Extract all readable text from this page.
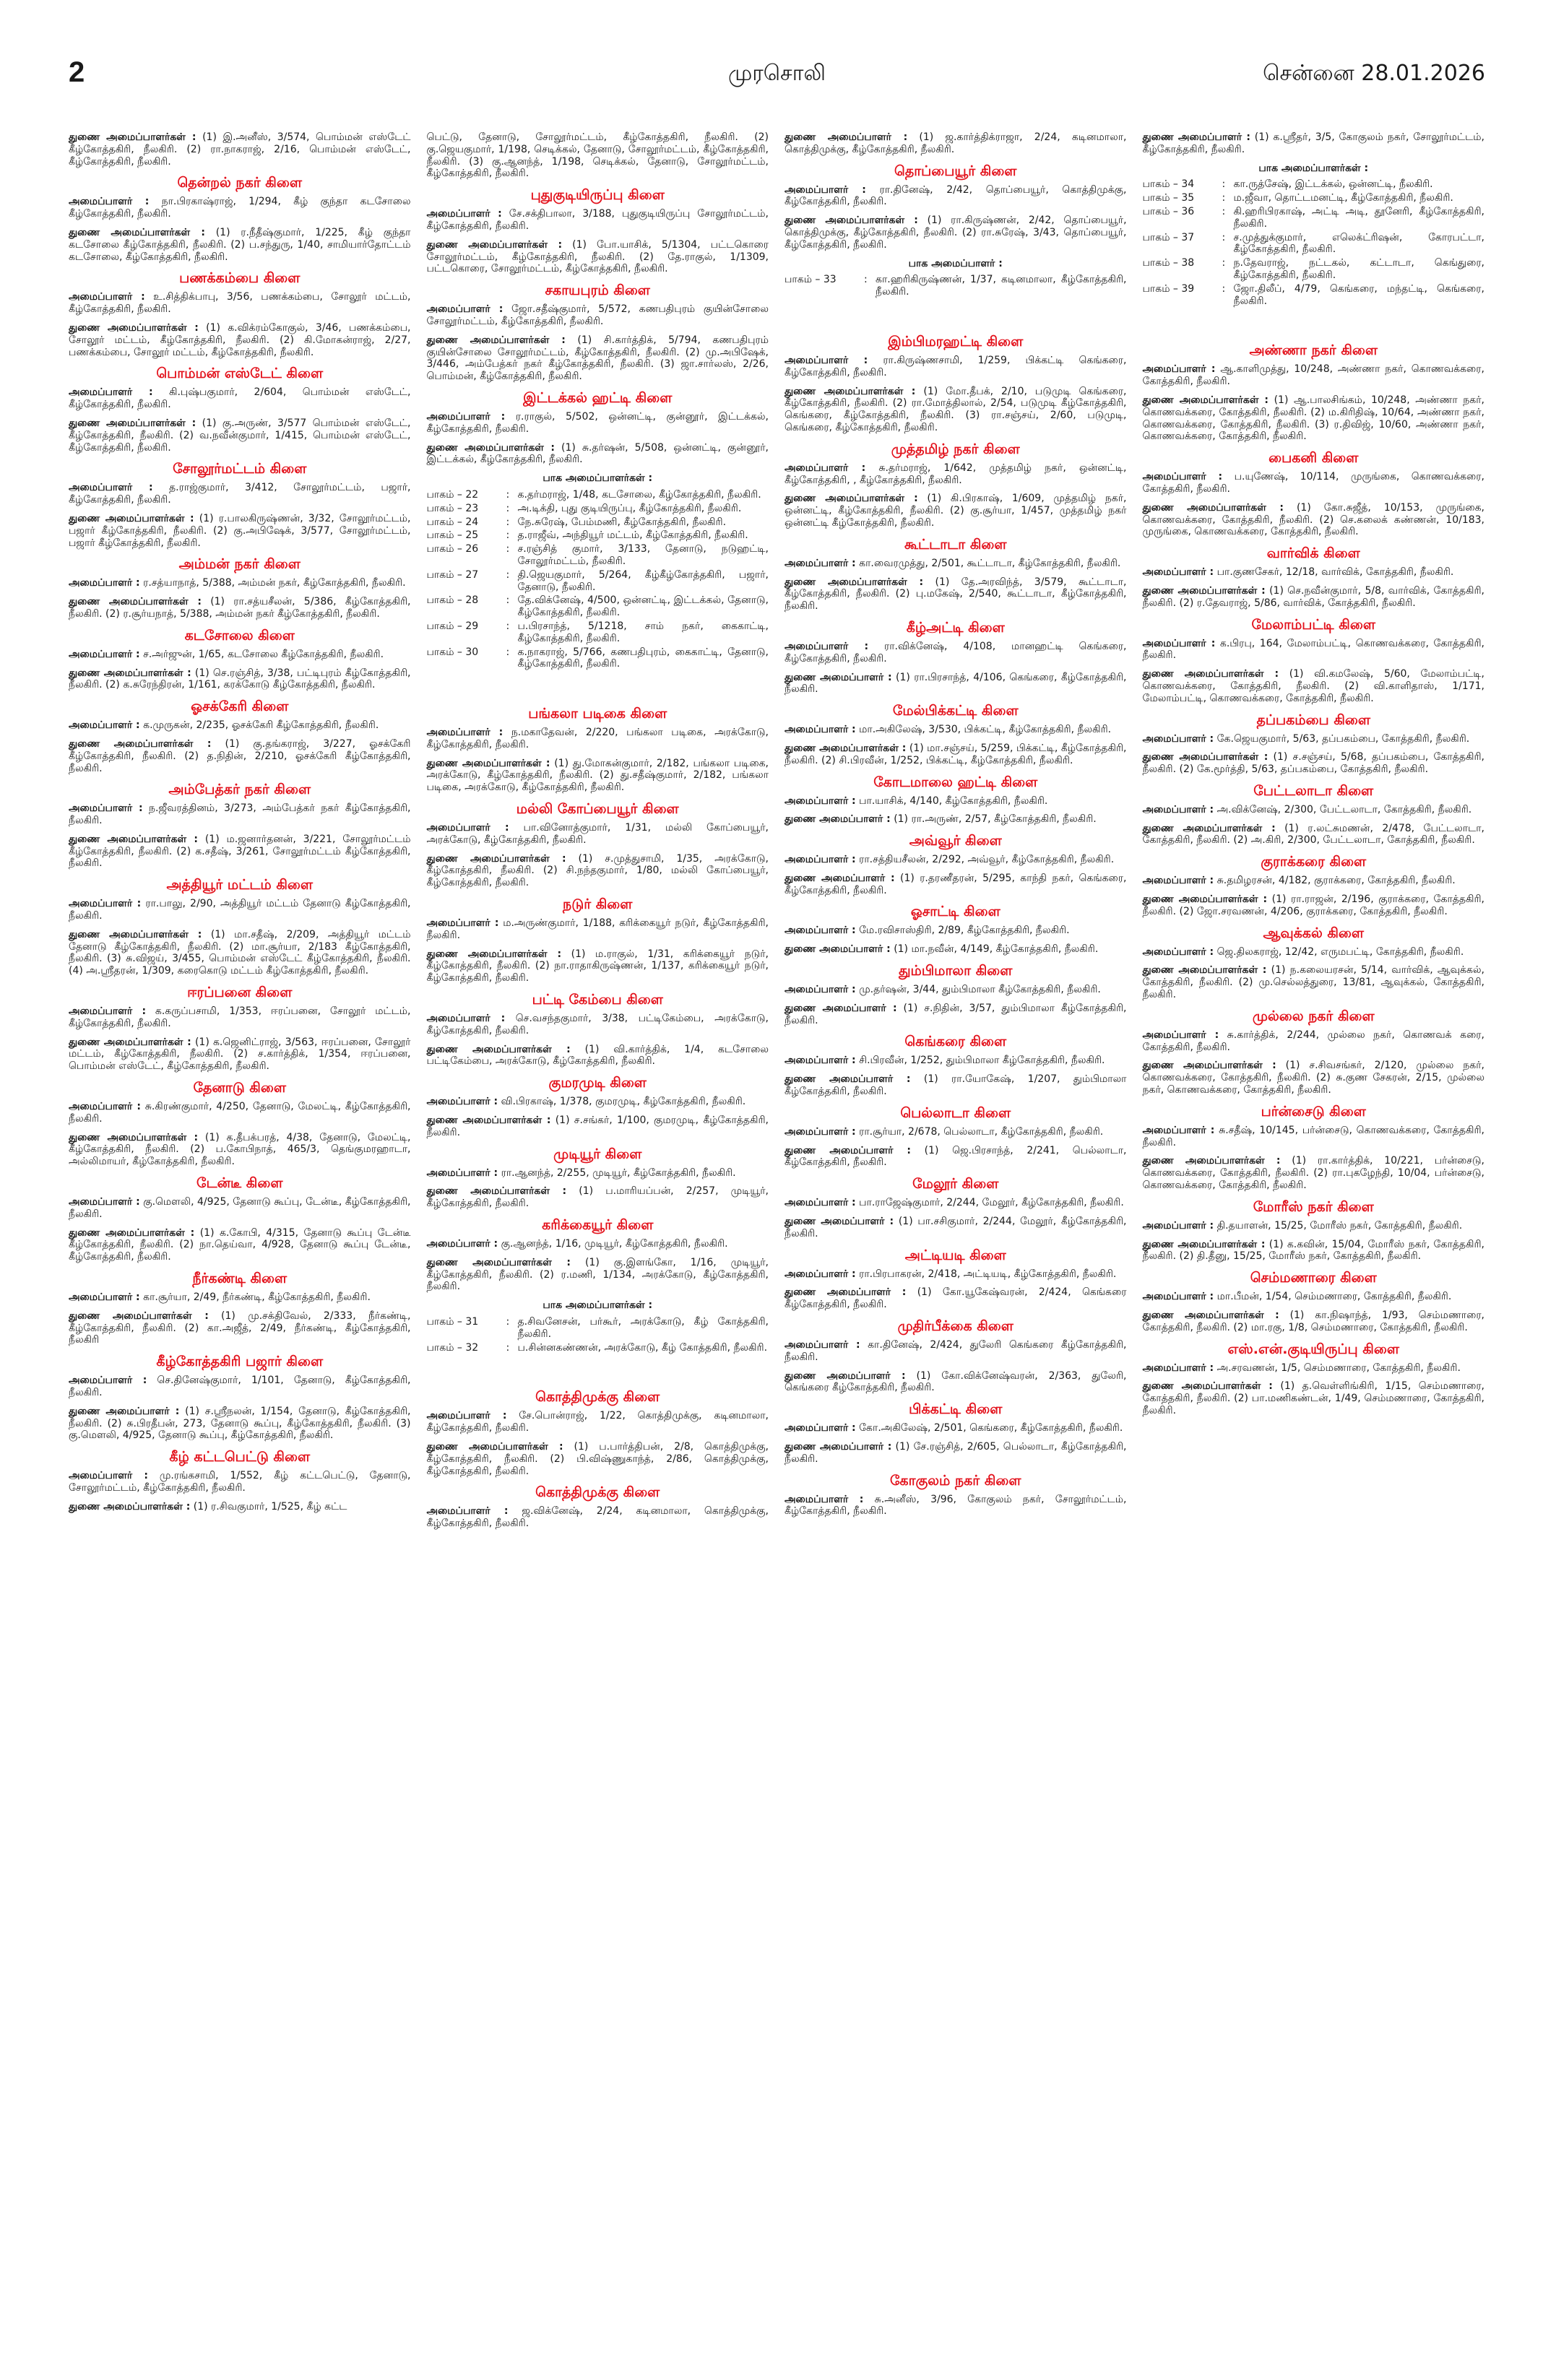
2	முரசொலி	சென்னை 28.01.2026

துணை அமைப்பாளர்கள் : (1) இ.அனீஸ், 3/574, பொம்மன் எஸ்டேட் கீழ்கோத்தகிரி, நீலகிரி. (2) ரா.நாகராஜ், 2/16, பொம்மன் எஸ்டேட், கீழ்கோத்தகிரி, நீலகிரி.

தென்றல் நகர் கிளை

அமைப்பாளர் : நா.பிரகாஷ்ராஜ், 1/294, கீழ் குந்தா கடசோலை கீழ்கோத்தகிரி, நீலகிரி.

துணை அமைப்பாளர்கள் : (1) ர.நீதீஷ்குமார், 1/225, கீழ் குந்தா கடசோலை கீழ்கோத்தகிரி, நீலகிரி. (2) ப.சந்துரு, 1/40, சாமியார்தோட்டம் கடசோலை, கீழ்கோத்தகிரி, நீலகிரி.

பணக்கம்பை கிளை

அமைப்பாளர் : உ.சித்திக்பாபு, 3/56, பணக்கம்பை, சோலூர் மட்டம், கீழ்கோத்தகிரி, நீலகிரி.

துணை அமைப்பாளர்கள் : (1) க.விக்ரம்கோகுல், 3/46, பணக்கம்பை, சோலூர் மட்டம், கீழ்கோத்தகிரி, நீலகிரி. (2) கி.மோகன்ராஜ், 2/27, பணக்கம்பை, சோலூர் மட்டம், கீழ்கோத்தகிரி, நீலகிரி.

பொம்மன் எஸ்டேட் கிளை

அமைப்பாளர் : கி.புஷ்பகுமார், 2/604, பொம்மன் எஸ்டேட், கீழ்கோத்தகிரி, நீலகிரி.

துணை அமைப்பாளர்கள் : (1) கு.அருண், 3/577 பொம்மன் எஸ்டேட், கீழ்கோத்தகிரி, நீலகிரி. (2) வ.நவீன்குமார், 1/415, பொம்மன் எஸ்டேட், கீழ்கோத்தகிரி, நீலகிரி.

சோலூர்மட்டம் கிளை

அமைப்பாளர் : த.ராஜ்குமார், 3/412, சோலூர்மட்டம், பஜார், கீழ்கோத்தகிரி, நீலகிரி.

துணை அமைப்பாளர்கள் : (1) ர.பாலகிருஷ்ணன், 3/32, சோலூர்மட்டம், பஜார் கீழ்கோத்தகிரி, நீலகிரி. (2) கு.அபிஷேக், 3/577, சோலூர்மட்டம், பஜார் கீழ்கோத்தகிரி, நீலகிரி.

அம்மன் நகர் கிளை

அமைப்பாளர் : ர.சத்யாநாத், 5/388, அம்மன் நகர், கீழ்கோத்தகிரி, நீலகிரி.

துணை அமைப்பாளர்கள் : (1) ரா.சத்யசீலன், 5/386, கீழ்கோத்தகிரி, நீலகிரி. (2) ர.சூர்யநாத், 5/388, அம்மன் நகர் கீழ்கோத்தகிரி, நீலகிரி.

கடசோலை கிளை

அமைப்பாளர் : ச.அர்ஜுன், 1/65, கடசோலை கீழ்கோத்தகிரி, நீலகிரி.

துணை அமைப்பாளர்கள் : (1) செ.ரஞ்சித், 3/38, பட்டிபுரம் கீழ்கோத்தகிரி, நீலகிரி. (2) க.சுரேந்திரன், 1/161, கரக்கோடு கீழ்கோத்தகிரி, நீலகிரி.

ஓசக்கேரி கிளை

அமைப்பாளர் : க.முருகன், 2/235, ஓசக்கேரி கீழ்கோத்தகிரி, நீலகிரி.

துணை அமைப்பாளர்கள் : (1) கு.தங்கராஜ், 3/227, ஓசக்கேரி கீழ்கோத்தகிரி, நீலகிரி. (2) த.நிதின், 2/210, ஓசக்கேரி கீழ்கோத்தகிரி, நீலகிரி.

அம்பேத்கர் நகர் கிளை

அமைப்பாளர் : ந.ஜீவரத்தினம், 3/273, அம்பேத்கர் நகர் கீழ்கோத்தகிரி, நீலகிரி.

துணை அமைப்பாளர்கள் : (1) ம.ஜனார்தனன், 3/221, சோலூர்மட்டம் கீழ்கோத்தகிரி, நீலகிரி. (2) க.சதீஷ், 3/261, சோலூர்மட்டம் கீழ்கோத்தகிரி, நீலகிரி.

அத்தியூர் மட்டம் கிளை

அமைப்பாளர் : ரா.பாலு, 2/90, அத்தியூர் மட்டம் தேனாடு கீழ்கோத்தகிரி, நீலகிரி.

துணை அமைப்பாளர்கள் : (1) மா.சதீஷ், 2/209, அத்தியூர் மட்டம் தேனாடு கீழ்கோத்தகிரி, நீலகிரி. (2) மா.சூர்யா, 2/183 கீழ்கோத்தகிரி, நீலகிரி. (3) சு.விஜய், 3/455, பொம்மன் எஸ்டேட் கீழ்கோத்தகிரி, நீலகிரி. (4) அ.ஸ்ரீதரன், 1/309, கரைகொடு மட்டம் கீழ்கோத்தகிரி, நீலகிரி.

ஈரப்பனை கிளை

அமைப்பாளர் : க.கருப்பசாமி, 1/353, ஈரப்பனை, சோலூர் மட்டம், கீழ்கோத்தகிரி, நீலகிரி.

துணை அமைப்பாளர்கள் : (1) க.ஜெனிட்ராஜ், 3/563, ஈரப்பனை, சோலூர் மட்டம், கீழ்கோத்தகிரி, நீலகிரி. (2) ச.கார்த்திக், 1/354, ஈரப்பனை, பொம்மன் எஸ்டேட், கீழ்கோத்தகிரி, நீலகிரி.

தேனாடு கிளை

அமைப்பாளர் : சு.கிரண்குமார், 4/250, தேனாடு, மேலட்டி, கீழ்கோத்தகிரி, நீலகிரி.

துணை அமைப்பாளர்கள் : (1) க.தீபக்பரத், 4/38, தேனாடு, மேலட்டி, கீழ்கோத்தகிரி, நீலகிரி. (2) ப.கோபிநாத், 465/3, தெங்குமரஹாடா, அல்லிமாயர், கீழ்கோத்தகிரி, நீலகிரி.

டேன்டீ கிளை

அமைப்பாளர் : கு.மௌலி, 4/925, தேனாடு கூப்பு, டேன்டீ, கீழ்கோத்தகிரி, நீலகிரி.

துணை அமைப்பாளர்கள் : (1) க.கோபி, 4/315, தேனாடு கூப்பு டேன்டீ கீழ்கோத்தகிரி, நீலகிரி. (2) நா.தெய்வா, 4/928, தேனாடு கூப்பு டேன்டீ, கீழ்கோத்தகிரி, நீலகிரி.

நீர்கண்டி கிளை

அமைப்பாளர் : கா.சூர்யா, 2/49, நீர்கண்டி, கீழ்கோத்தகிரி, நீலகிரி.

துணை அமைப்பாளர்கள் : (1) மு.சக்திவேல், 2/333, நீர்கண்டி, கீழ்கோத்தகிரி, நீலகிரி. (2) கா.அஜீத், 2/49, நீர்கண்டி, கீழ்கோத்தகிரி, நீலகிரி

கீழ்கோத்தகிரி பஜார் கிளை

அமைப்பாளர் : செ.தினேஷ்குமார், 1/101, தேனாடு, கீழ்கோத்தகிரி, நீலகிரி.

துணை அமைப்பாளர் : (1) ச.ஸ்ரீநலன், 1/154, தேனாடு, கீழ்கோத்தகிரி, நீலகிரி. (2) சு.பிரதீபன், 273, தேனாடு கூப்பு, கீழ்கோத்தகிரி, நீலகிரி. (3) கு.மௌலி, 4/925, தேனாடு கூப்பு, கீழ்கோத்தகிரி, நீலகிரி.

கீழ் கட்டபெட்டு கிளை

அமைப்பாளர் : மு.ரங்கசாமி, 1/552, கீழ் கட்டபெட்டு, தேனாடு, சோலூர்மட்டம், கீழ்கோத்தகிரி, நீலகிரி.

துணை அமைப்பாளர்கள் : (1) ர.சிவகுமார், 1/525, கீழ் கட்ட

பெட்டு, தேனாடு, சோலூர்மட்டம், கீழ்கோத்தகிரி, நீலகிரி. (2) கு.ஜெயகுமார், 1/198, செடிக்கல், தேனாடு, சோலூர்மட்டம், கீழ்கோத்தகிரி, நீலகிரி. (3) கு.ஆனந்த், 1/198, செடிக்கல், தேனாடு, சோலூர்மட்டம், கீழ்கோத்தகிரி, நீலகிரி.

புதுகுடியிருப்பு கிளை

அமைப்பாளர் : சே.சக்திபாலா, 3/188, புதுகுடியிருப்பு சோலூர்மட்டம், கீழ்கோத்தகிரி, நீலகிரி.

துணை அமைப்பாளர்கள் : (1) போ.யாசிக், 5/1304, பட்டகொரை சோலூர்மட்டம், கீழ்கோத்தகிரி, நீலகிரி. (2) தே.ராகுல், 1/1309, பட்டகொரை, சோலூர்மட்டம், கீழ்கோத்தகிரி, நீலகிரி.

சகாயபுரம் கிளை

அமைப்பாளர் : ஜோ.சதீஷ்குமார், 5/572, கணபதிபுரம் குயின்சோலை சோலூர்மட்டம், கீழ்கோத்தகிரி, நீலகிரி.

துணை அமைப்பாளர்கள் : (1) சி.கார்த்திக், 5/794, கணபதிபுரம் குயின்சோலை சோலூர்மட்டம், கீழ்கோத்தகிரி, நீலகிரி. (2) மு.அபிஷேக், 3/446, அம்பேத்கர் நகர் கீழ்கோத்தகிரி, நீலகிரி. (3) ஜா.சார்லஸ், 2/26, பொம்மன், கீழ்கோத்தகிரி, நீலகிரி.

இட்டக்கல் ஹட்டி கிளை

அமைப்பாளர் : ர.ராகுல், 5/502, ஒன்னட்டி, குன்னூர், இட்டக்கல், கீழ்கோத்தகிரி, நீலகிரி.

துணை அமைப்பாளர்கள் : (1) சு.தர்ஷன், 5/508, ஒன்னட்டி, குன்னூர், இட்டக்கல், கீழ்கோத்தகிரி, நீலகிரி.

பாக அமைப்பாளர்கள் :
பாகம் – 22	: க.தர்மராஜ், 1/48, கடசோலை, கீழ்கோத்தகிரி, நீலகிரி.
பாகம் – 23	: அ.டிக்தி, புது குடியிருப்பு, கீழ்கோத்தகிரி, நீலகிரி.
பாகம் – 24	: நே.சுரேஷ், பேம்மணி, கீழ்கோத்தகிரி, நீலகிரி.
பாகம் – 25	: த.ராஜீவ், அந்தியூர் மட்டம், கீழ்கோத்தகிரி, நீலகிரி.
பாகம் – 26	: ச.ரஞ்சித் குமார், 3/133, தேனாடு, நடுஹட்டி, சோலூர்மட்டம், நீலகிரி.
பாகம் – 27	: தி.ஜெயகுமார், 5/264, கீழ்கீழ்கோத்தகிரி, பஜார், தேனாடு, நீலகிரி.
பாகம் – 28	: தே.விக்னேஷ், 4/500, ஒன்னட்டி, இட்டக்கல், தேனாடு, கீழ்கோத்தகிரி, நீலகிரி.
பாகம் – 29	: ப.பிரசாந்த், 5/1218, சாம் நகர், கைகாட்டி, கீழ்கோத்தகிரி, நீலகிரி.
பாகம் – 30	: க.நாகராஜ், 5/766, கணபதிபுரம், கைகாட்டி, தேனாடு, கீழ்கோத்தகிரி, நீலகிரி.
பங்கலா படிகை கிளை

அமைப்பாளர் : ந.மகாதேவன், 2/220, பங்கலா படிகை, அரக்கோடு, கீழ்கோத்தகிரி, நீலகிரி.

துணை அமைப்பாளர்கள் : (1) து.மோகன்குமார், 2/182, பங்கலா படிகை, அரக்கோடு, கீழ்கோத்தகிரி, நீலகிரி. (2) து.சதீஷ்குமார், 2/182, பங்கலா படிகை, அரக்கோடு, கீழ்கோத்தகிரி, நீலகிரி.

மல்லி கோப்பையூர் கிளை

அமைப்பாளர் : பா.வினோத்குமார், 1/31, மல்லி கோப்பையூர், அரக்கோடு, கீழ்கோத்தகிரி, நீலகிரி.

துணை அமைப்பாளர்கள் : (1) ச.முத்துசாமி, 1/35, அரக்கோடு, கீழ்கோத்தகிரி, நீலகிரி. (2) சி.நந்தகுமார், 1/80, மல்லி கோப்பையூர், கீழ்கோத்தகிரி, நீலகிரி.

நடுர் கிளை

அமைப்பாளர் : ம.அருண்குமார், 1/188, கரிக்கையூர் நடுர், கீழ்கோத்தகிரி, நீலகிரி.

துணை அமைப்பாளர்கள் : (1) ம.ராகுல், 1/31, கரிக்கையூர் நடுர், கீழ்கோத்தகிரி, நீலகிரி. (2) நா.ராதாகிருஷ்ணன், 1/137, கரிக்கையூர் நடுர், கீழ்கோத்தகிரி, நீலகிரி.

பட்டி கேம்பை கிளை

அமைப்பாளர் : செ.வசந்தகுமார், 3/38, பட்டிகேம்பை, அரக்கோடு, கீழ்கோத்தகிரி, நீலகிரி.

துணை அமைப்பாளர்கள் : (1) வி.கார்த்திக், 1/4, கடசோலை பட்டிகேம்பை, அரக்கோடு, கீழ்கோத்தகிரி, நீலகிரி.

குமரமுடி கிளை

அமைப்பாளர் : வி.பிரகாஷ், 1/378, குமரமுடி, கீழ்கோத்தகிரி, நீலகிரி.

துணை அமைப்பாளர்கள் : (1) ச.சங்கர், 1/100, குமரமுடி, கீழ்கோத்தகிரி, நீலகிரி.

முடியூர் கிளை

அமைப்பாளர் : ரா.ஆனந்த், 2/255, முடியூர், கீழ்கோத்தகிரி, நீலகிரி.

துணை அமைப்பாளர்கள் : (1) ப.மாரியப்பன், 2/257, முடியூர், கீழ்கோத்தகிரி, நீலகிரி.

கரிக்கையூர் கிளை

அமைப்பாளர் : கு.ஆனந்த், 1/16, முடியூர், கீழ்கோத்தகிரி, நீலகிரி.

துணை அமைப்பாளர்கள் : (1) கு.இளங்கோ, 1/16, முடியூர், கீழ்கோத்தகிரி, நீலகிரி. (2) ர.மணி, 1/134, அரக்கோடு, கீழ்கோத்தகிரி, நீலகிரி.

பாக அமைப்பாளர்கள் :
பாகம் – 31	: த.சிவனேசன், பர்கூர், அரக்கோடு, கீழ் கோத்தகிரி, நீலகிரி.
பாகம் – 32	: ப.சின்னகண்ணன், அரக்கோடு, கீழ் கோத்தகிரி, நீலகிரி.
கொத்திமுக்கு கிளை

அமைப்பாளர் : சே.பொன்ராஜ், 1/22, கொத்திமுக்கு, கடினமாலா, கீழ்கோத்தகிரி, நீலகிரி.

துணை அமைப்பாளர்கள் : (1) ப.பார்த்திபன், 2/8, கொத்திமுக்கு, கீழ்கோத்தகிரி, நீலகிரி. (2) பி.விஷ்ணுகாந்த், 2/86, கொத்திமுக்கு, கீழ்கோத்தகிரி, நீலகிரி.

கொத்திமுக்கு கிளை

அமைப்பாளர் : ஜ.விக்னேஷ், 2/24, கடினமாலா, கொத்திமுக்கு, கீழ்கோத்தகிரி, நீலகிரி.

துணை அமைப்பாளர் : (1) ஜ.கார்த்திக்ராஜா, 2/24, கடினமாலா, கொத்திமுக்கு, கீழ்கோத்தகிரி, நீலகிரி.

தொப்பையூர் கிளை

அமைப்பாளர் : ரா.தினேஷ், 2/42, தொப்பையூர், கொத்திமுக்கு, கீழ்கோத்தகிரி, நீலகிரி.

துணை அமைப்பாளர்கள் : (1) ரா.கிருஷ்ணன், 2/42, தொப்பையூர், கொத்திமுக்கு, கீழ்கோத்தகிரி, நீலகிரி. (2) ரா.சுரேஷ், 3/43, தொப்பையூர், கீழ்கோத்தகிரி, நீலகிரி.

பாக அமைப்பாளர் :
பாகம் – 33	: கா.ஹரிகிருஷ்ணன், 1/37, கடினமாலா, கீழ்கோத்தகிரி, நீலகிரி.
இம்பிமரஹட்டி கிளை

அமைப்பாளர் : ரா.கிருஷ்ணசாமி, 1/259, பிக்கட்டி கெங்கரை, கீழ்கோத்தகிரி, நீலகிரி.

துணை அமைப்பாளர்கள் : (1) மோ.தீபக், 2/10, படுமுடி கெங்கரை, கீழ்கோத்தகிரி, நீலகிரி. (2) ரா.மோத்திலால், 2/54, படுமுடி கீழ்கோத்தகிரி, கெங்கரை, கீழ்கோத்தகிரி, நீலகிரி. (3) ரா.சஞ்சய், 2/60, படுமுடி, கெங்கரை, கீழ்கோத்தகிரி, நீலகிரி.

முத்தமிழ் நகர் கிளை

அமைப்பாளர் : சு.தர்மராஜ், 1/642, முத்தமிழ் நகர், ஒன்னட்டி, கீழ்கோத்தகிரி, , கீழ்கோத்தகிரி, நீலகிரி.

துணை அமைப்பாளர்கள் : (1) கி.பிரகாஷ், 1/609, முத்தமிழ் நகர், ஒன்னட்டி, கீழ்கோத்தகிரி, நீலகிரி. (2) கு.சூர்யா, 1/457, முத்தமிழ் நகர் ஒன்னட்டி கீழ்கோத்தகிரி, நீலகிரி.

கூட்டாடா கிளை

அமைப்பாளர் : கா.வைரமுத்து, 2/501, கூட்டாடா, கீழ்கோத்தகிரி, நீலகிரி.

துணை அமைப்பாளர்கள் : (1) தே.அரவிந்த், 3/579, கூட்டாடா, கீழ்கோத்தகிரி, நீலகிரி. (2) பு.மகேஷ், 2/540, கூட்டாடா, கீழ்கோத்தகிரி, நீலகிரி.

கீழ்அட்டி கிளை

அமைப்பாளர் : ரா.விக்னேஷ், 4/108, மானஹட்டி கெங்கரை, கீழ்கோத்தகிரி, நீலகிரி.

துணை அமைப்பாளர் : (1) ரா.பிரசாந்த், 4/106, கெங்கரை, கீழ்கோத்தகிரி, நீலகிரி.

மேல்பிக்கட்டி கிளை

அமைப்பாளர் : மா.அகிலேஷ், 3/530, பிக்கட்டி, கீழ்கோத்தகிரி, நீலகிரி.

துணை அமைப்பாளர்கள் : (1) மா.சஞ்சய், 5/259, பிக்கட்டி, கீழ்கோத்தகிரி, நீலகிரி. (2) சி.பிரவீன், 1/252, பிக்கட்டி, கீழ்கோத்தகிரி, நீலகிரி.

கோடமாலை ஹட்டி கிளை

அமைப்பாளர் : பா.யாசிக், 4/140, கீழ்கோத்தகிரி, நீலகிரி.

துணை அமைப்பாளர் : (1) ரா.அருண், 2/57, கீழ்கோத்தகிரி, நீலகிரி.

அவ்வூர் கிளை

அமைப்பாளர் : ரா.சத்தியசீலன், 2/292, அவ்வூர், கீழ்கோத்தகிரி, நீலகிரி.

துணை அமைப்பாளர் : (1) ர.தரணீதரன், 5/295, காந்தி நகர், கெங்கரை, கீழ்கோத்தகிரி, நீலகிரி.

ஓசாட்டி கிளை

அமைப்பாளர் : மே.ரவிசாஸ்திரி, 2/89, கீழ்கோத்தகிரி, நீலகிரி.

துணை அமைப்பாளர் : (1) மா.நவீன், 4/149, கீழ்கோத்தகிரி, நீலகிரி.

தும்பிமாலா கிளை

அமைப்பாளர் : மு.தர்ஷன், 3/44, தும்பிமாலா கீழ்கோத்தகிரி, நீலகிரி.

துணை அமைப்பாளர் : (1) ச.நிதின், 3/57, தும்பிமாலா கீழ்கோத்தகிரி, நீலகிரி.

கெங்கரை கிளை

அமைப்பாளர் : சி.பிரவீன், 1/252, தும்பிமாலா கீழ்கோத்தகிரி, நீலகிரி.

துணை அமைப்பாளர் : (1) ரா.யோகேஷ், 1/207, தும்பிமாலா கீழ்கோத்தகிரி, நீலகிரி.

பெல்லாடா கிளை

அமைப்பாளர் : ரா.சூர்யா, 2/678, பெல்லாடா, கீழ்கோத்தகிரி, நீலகிரி.

துணை அமைப்பாளர் : (1) ஜெ.பிரசாந்த், 2/241, பெல்லாடா, கீழ்கோத்தகிரி, நீலகிரி.

மேலூர் கிளை

அமைப்பாளர் : பா.ராஜேஷ்குமார், 2/244, மேலூர், கீழ்கோத்தகிரி, நீலகிரி.

துணை அமைப்பாளர் : (1) பா.சசிகுமார், 2/244, மேலூர், கீழ்கோத்தகிரி, நீலகிரி.

அட்டியடி கிளை

அமைப்பாளர் : ரா.பிரபாகரன், 2/418, அட்டியடி, கீழ்கோத்தகிரி, நீலகிரி.

துணை அமைப்பாளர் : (1) கோ.யூகேஷ்வரன், 2/424, கெங்கரை கீழ்கோத்தகிரி, நீலகிரி.

முதிர்பீக்கை கிளை

அமைப்பாளர் : கா.தினேஷ், 2/424, துலேரி கெங்கரை கீழ்கோத்தகிரி, நீலகிரி.

துணை அமைப்பாளர் : (1) கோ.விக்னேஷ்வரன், 2/363, துலேரி, கெங்கரை கீழ்கோத்தகிரி, நீலகிரி.

பிக்கட்டி கிளை

அமைப்பாளர் : கோ.அகிலேஷ், 2/501, கெங்கரை, கீழ்கோத்தகிரி, நீலகிரி.

துணை அமைப்பாளர் : (1) சே.ரஞ்சித், 2/605, பெல்லாடா, கீழ்கோத்தகிரி, நீலகிரி.

கோகுலம் நகர் கிளை

அமைப்பாளர் : சு.அனீஸ், 3/96, கோகுலம் நகர், சோலூர்மட்டம், கீழ்கோத்தகிரி, நீலகிரி.

துணை அமைப்பாளர் : (1) க.ஸ்ரீதர், 3/5, கோகுலம் நகர், சோலூர்மட்டம், கீழ்கோத்தகிரி, நீலகிரி.

பாக அமைப்பாளர்கள் :
பாகம் – 34	: கா.ருத்சேஷ், இட்டக்கல், ஒன்னட்டி, நீலகிரி.
பாகம் – 35	: ம.ஜீவா, தொட்டமனட்டி, கீழ்கோத்தகிரி, நீலகிரி.
பாகம் – 36	: கி.ஹரிபிரகாஷ், அட்டி அடி, தூனேரி, கீழ்கோத்தகிரி, நீலகிரி.
பாகம் – 37	: ச.முத்துக்குமார், எலெக்ட்ரிஷன், கோரபட்டா, கீழ்கோத்தகிரி, நீலகிரி.
பாகம் – 38	: ந.தேவராஜ், நட்டகல், கட்டாடா, கெங்துரை, கீழ்கோத்தகிரி, நீலகிரி.
பாகம் – 39	: ஜோ.திலீப், 4/79, கெங்கரை, மந்தட்டி, கெங்கரை, நீலகிரி.
அண்ணா நகர் கிளை

அமைப்பாளர் : ஆ.காளிமுத்து, 10/248, அண்ணா நகர், கொணவக்கரை, கோத்தகிரி, நீலகிரி.

துணை அமைப்பாளர்கள் : (1) ஆ.பாலசிங்கம், 10/248, அண்ணா நகர், கொணவக்கரை, கோத்தகிரி, நீலகிரி. (2) ம.கிரிதிஷ், 10/64, அண்ணா நகர், கொணவக்கரை, கோத்தகிரி, நீலகிரி. (3) ர.திவிஜ், 10/60, அண்ணா நகர், கொணவக்கரை, கோத்தகிரி, நீலகிரி.

பைகனி கிளை

அமைப்பாளர் : ப.யுணேஷ், 10/114, முருங்கை, கொணவக்கரை, கோத்தகிரி, நீலகிரி.

துணை அமைப்பாளர்கள் : (1) கோ.சுஜீத், 10/153, முருங்கை, கொணவக்கரை, கோத்தகிரி, நீலகிரி. (2) செ.கலைக் கண்ணன், 10/183, முருங்கை, கொணவக்கரை, கோத்தகிரி, நீலகிரி.

வார்விக் கிளை

அமைப்பாளர் : பா.குணசேகர், 12/18, வார்விக், கோத்தகிரி, நீலகிரி.

துணை அமைப்பாளர்கள் : (1) செ.நவீன்குமார், 5/8, வார்விக், கோத்தகிரி, நீலகிரி. (2) ர.தேவராஜ், 5/86, வார்விக், கோத்தகிரி, நீலகிரி.

மேலாம்பட்டி கிளை

அமைப்பாளர் : க.பிரபு, 164, மேலாம்பட்டி, கொணவக்கரை, கோத்தகிரி, நீலகிரி.

துணை அமைப்பாளர்கள் : (1) வி.கமலேஷ், 5/60, மேலாம்பட்டி, கொணவக்கரை, கோத்தகிரி, நீலகிரி. (2) வி.காளிதாஸ், 1/171, மேலாம்பட்டி, கொணவக்கரை, கோத்தகிரி, நீலகிரி.

தப்பகம்பை கிளை

அமைப்பாளர் : கே.ஜெயகுமார், 5/63, தப்பகம்பை, கோத்தகிரி, நீலகிரி.

துணை அமைப்பாளர்கள் : (1) ச.சஞ்சய், 5/68, தப்பகம்பை, கோத்தகிரி, நீலகிரி. (2) கே.மூர்த்தி, 5/63, தப்பகம்பை, கோத்தகிரி, நீலகிரி.

பேட்டலாடா கிளை

அமைப்பாளர் : அ.விக்னேஷ், 2/300, பேட்டலாடா, கோத்தகிரி, நீலகிரி.

துணை அமைப்பாளர்கள் : (1) ர.லட்சுமணன், 2/478, பேட்டலாடா, கோத்தகிரி, நீலகிரி. (2) அ.கிரி, 2/300, பேட்டலாடா, கோத்தகிரி, நீலகிரி.

குராக்கரை கிளை

அமைப்பாளர் : சு.தமிழரசன், 4/182, குராக்கரை, கோத்தகிரி, நீலகிரி.

துணை அமைப்பாளர்கள் : (1) ரா.ராஜன், 2/196, குராக்கரை, கோத்தகிரி, நீலகிரி. (2) ஜோ.சரவணன், 4/206, குராக்கரை, கோத்தகிரி, நீலகிரி.

ஆவுக்கல் கிளை

அமைப்பாளர் : ஜெ.திலகராஜ், 12/42, எருமபட்டி, கோத்தகிரி, நீலகிரி.

துணை அமைப்பாளர்கள் : (1) ந.கலையரசன், 5/14, வார்விக், ஆவுக்கல், கோத்தகிரி, நீலகிரி. (2) மு.செல்லத்துரை, 13/81, ஆவுக்கல், கோத்தகிரி, நீலகிரி.

முல்லை நகர் கிளை

அமைப்பாளர் : சு.கார்த்திக், 2/244, முல்லை நகர், கொணவக் கரை, கோத்தகிரி, நீலகிரி.

துணை அமைப்பாளர்கள் : (1) ச.சிவசங்கர், 2/120, முல்லை நகர், கொணவக்கரை, கோத்தகிரி, நீலகிரி. (2) சு.குண சேகரன், 2/15, முல்லை நகர், கொணவக்கரை, கோத்தகிரி, நீலகிரி.

பர்ன்சைடு கிளை

அமைப்பாளர் : சு.சதீஷ், 10/145, பர்ன்சைடு, கொணவக்கரை, கோத்தகிரி, நீலகிரி.

துணை அமைப்பாளர்கள் : (1) ரா.கார்த்திக், 10/221, பர்ன்சைடு, கொணவக்கரை, கோத்தகிரி, நீலகிரி. (2) ரா.புகழேந்தி, 10/04, பர்ன்சைடு, கொணவக்கரை, கோத்தகிரி, நீலகிரி.

மோரீஸ் நகர் கிளை

அமைப்பாளர் : தி.தயாளன், 15/25, மோரீஸ் நகர், கோத்தகிரி, நீலகிரி.

துணை அமைப்பாளர்கள் : (1) க.கவின், 15/04, மோரீஸ் நகர், கோத்தகிரி, நீலகிரி. (2) தி.தீனு, 15/25, மோரீஸ் நகர், கோத்தகிரி, நீலகிரி.

செம்மணாரை கிளை

அமைப்பாளர் : மா.பீமன், 1/54, செம்மணாரை, கோத்தகிரி, நீலகிரி.

துணை அமைப்பாளர்கள் : (1) கா.நிஷாந்த், 1/93, செம்மணாரை, கோத்தகிரி, நீலகிரி. (2) மா.ரகு, 1/8, செம்மணாரை, கோத்தகிரி, நீலகிரி.

எஸ்.என்.குடியிருப்பு கிளை

அமைப்பாளர் : அ.சரவணன், 1/5, செம்மணாரை, கோத்தகிரி, நீலகிரி.

துணை அமைப்பாளர்கள் : (1) த.வெள்ளிங்கிரி, 1/15, செம்மணாரை, கோத்தகிரி, நீலகிரி. (2) பா.மணிகண்டன், 1/49, செம்மணாரை, கோத்தகிரி, நீலகிரி.
